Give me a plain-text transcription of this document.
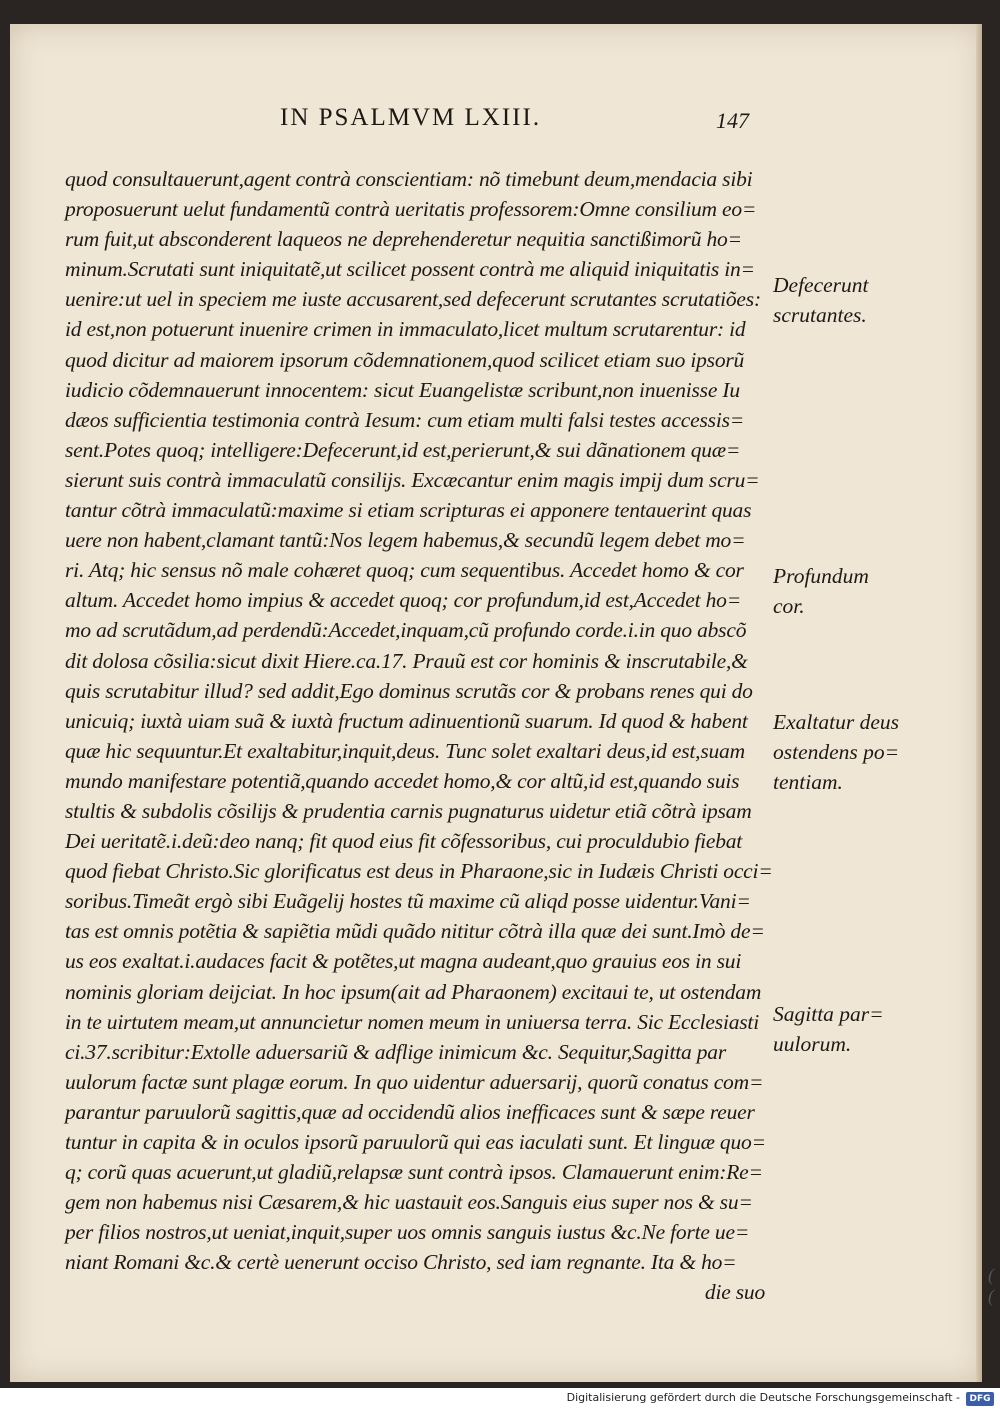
IN PSALMVM LXIII.	147
quod consultauerunt,agent contrà conscientiam: nõ timebunt deum,mendacia sibi
proposuerunt uelut fundamentũ contrà ueritatis professorem:Omne consilium eo=
rum fuit,ut absconderent laqueos ne deprehenderetur nequitia sanctißimorũ ho=
minum.Scrutati sunt iniquitatẽ,ut scilicet possent contrà me aliquid iniquitatis in=
uenire:ut uel in speciem me iuste accusarent,sed defecerunt scrutantes scrutatiões:
id est,non potuerunt inuenire crimen in immaculato,licet multum scrutarentur: id
quod dicitur ad maiorem ipsorum cõdemnationem,quod scilicet etiam suo ipsorũ
iudicio cõdemnauerunt innocentem: sicut Euangelistæ scribunt,non inuenisse Iu
dæos sufficientia testimonia contrà Iesum: cum etiam multi falsi testes accessis=
sent.Potes quoq; intelligere:Defecerunt,id est,perierunt,& sui dãnationem quæ=
sierunt suis contrà immaculatũ consilijs. Excæcantur enim magis impij dum scru=
tantur cõtrà immaculatũ:maxime si etiam scripturas ei apponere tentauerint quas
uere non habent,clamant tantũ:Nos legem habemus,& secundũ legem debet mo=
ri. Atq; hic sensus nõ male cohæret quoq; cum sequentibus. Accedet homo & cor
altum. Accedet homo impius & accedet quoq; cor profundum,id est,Accedet ho=
mo ad scrutãdum,ad perdendũ:Accedet,inquam,cũ profundo corde.i.in quo abscõ
dit dolosa cõsilia:sicut dixit Hiere.ca.17. Prauũ est cor hominis & inscrutabile,&
quis scrutabitur illud? sed addit,Ego dominus scrutãs cor & probans renes qui do
unicuiq; iuxtà uiam suã & iuxtà fructum adinuentionũ suarum. Id quod & habent
quæ hic sequuntur.Et exaltabitur,inquit,deus. Tunc solet exaltari deus,id est,suam
mundo manifestare potentiã,quando accedet homo,& cor altũ,id est,quando suis
stultis & subdolis cõsilijs & prudentia carnis pugnaturus uidetur etiã cõtrà ipsam
Dei ueritatẽ.i.deũ:deo nanq; fit quod eius fit cõfessoribus, cui proculdubio fiebat
quod fiebat Christo.Sic glorificatus est deus in Pharaone,sic in Iudæis Christi occi=
soribus.Timeãt ergò sibi Euãgelij hostes tũ maxime cũ aliqd posse uidentur.Vani=
tas est omnis potẽtia & sapiẽtia mũdi quãdo nititur cõtrà illa quæ dei sunt.Imò de=
us eos exaltat.i.audaces facit & potẽtes,ut magna audeant,quo grauius eos in sui
nominis gloriam deijciat. In hoc ipsum(ait ad Pharaonem) excitaui te, ut ostendam
in te uirtutem meam,ut annuncietur nomen meum in uniuersa terra. Sic Ecclesiasti
ci.37.scribitur:Extolle aduersariũ & adflige inimicum &c. Sequitur,Sagitta par
uulorum factæ sunt plagæ eorum. In quo uidentur aduersarij, quorũ conatus com=
parantur paruulorũ sagittis,quæ ad occidendũ alios inefficaces sunt & sæpe reuer
tuntur in capita & in oculos ipsorũ paruulorũ qui eas iaculati sunt. Et linguæ quo=
q; corũ quas acuerunt,ut gladiũ,relapsæ sunt contrà ipsos. Clamauerunt enim:Re=
gem non habemus nisi Cæsarem,& hic uastauit eos.Sanguis eius super nos & su=
per filios nostros,ut ueniat,inquit,super uos omnis sanguis iustus &c.Ne forte ue=
niant Romani &c.& certè uenerunt occiso Christo, sed iam regnante. Ita & ho=
die suo
Defecerunt
scrutantes.
Profundum
cor.
Exaltatur deus
ostendens po=
tentiam.
Sagitta par=
uulorum.
( (
Digitalisierung gefördert durch die Deutsche Forschungsgemeinschaft -	DFG
